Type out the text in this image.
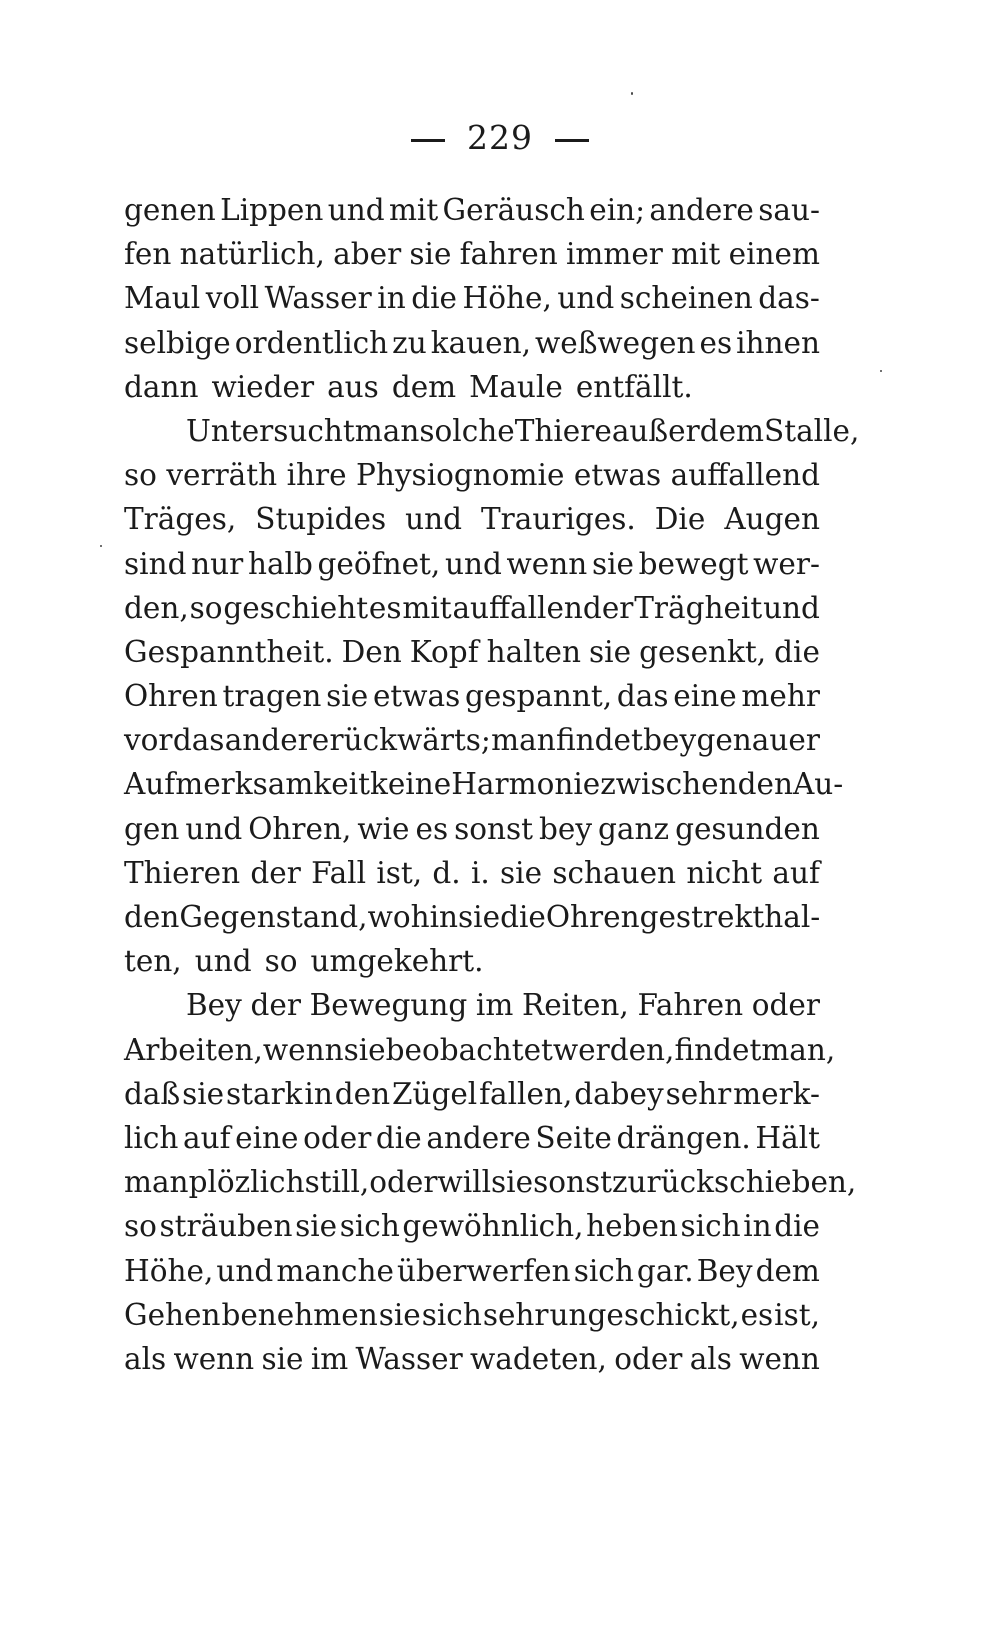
229
genen Lippen und mit Geräusch ein; andere sau-
fen natürlich, aber sie fahren immer mit einem
Maul voll Wasser in die Höhe, und scheinen das-
selbige ordentlich zu kauen, weßwegen es ihnen
dann wieder aus dem Maule entfällt.
Untersucht man solche Thiere außer dem Stalle,
so verräth ihre Physiognomie etwas auffallend
Träges, Stupides und Trauriges. Die Augen
sind nur halb geöfnet, und wenn sie bewegt wer-
den, so geschieht es mit auffallender Trägheit und
Gespanntheit. Den Kopf halten sie gesenkt, die
Ohren tragen sie etwas gespannt, das eine mehr
vor das andere rückwärts; man findet bey genauer
Aufmerksamkeit keine Harmonie zwischen den Au-
gen und Ohren, wie es sonst bey ganz gesunden
Thieren der Fall ist, d. i. sie schauen nicht auf
den Gegenstand, wohin sie die Ohren gestrekt hal-
ten, und so umgekehrt.
Bey der Bewegung im Reiten, Fahren oder
Arbeiten, wenn sie beobachtet werden, findet man,
daß sie stark in den Zügel fallen, dabey sehr merk-
lich auf eine oder die andere Seite drängen. Hält
man plözlich still, oder will sie sonst zurückschieben,
so sträuben sie sich gewöhnlich, heben sich in die
Höhe, und manche überwerfen sich gar. Bey dem
Gehen benehmen sie sich sehr ungeschickt, es ist,
als wenn sie im Wasser wadeten, oder als wenn
